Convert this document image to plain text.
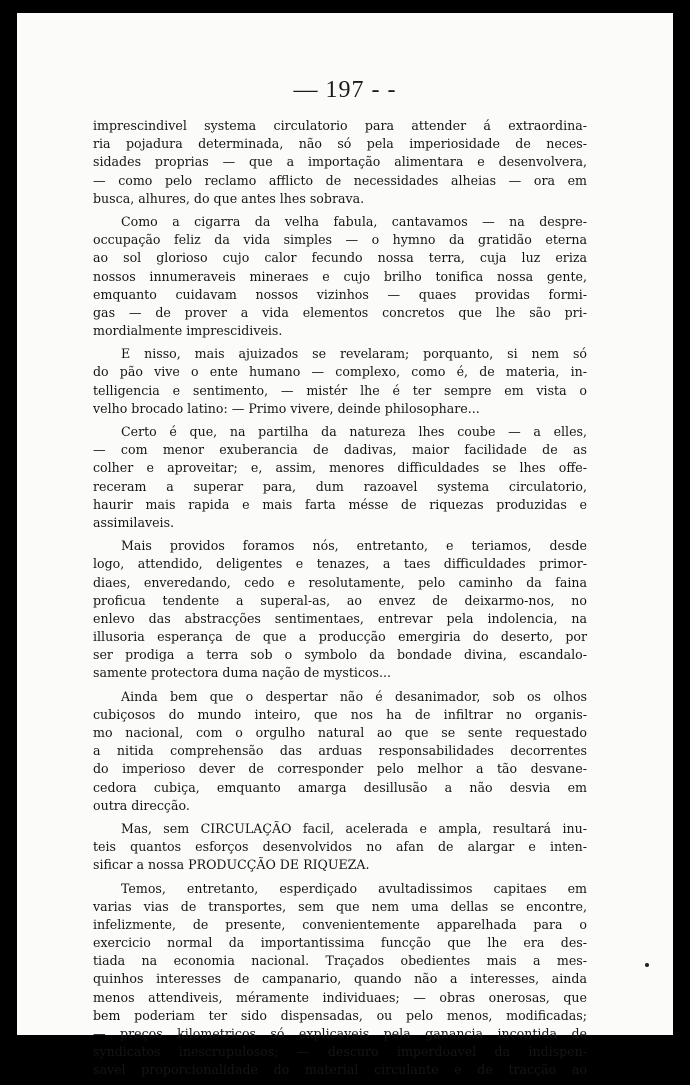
— 197 - -
imprescindivel systema circulatorio para attender á extraordina-
ria pojadura determinada, não só pela imperiosidade de neces-
sidades proprias — que a importação alimentara e desenvolvera,
— como pelo reclamo afflicto de necessidades alheias — ora em
busca, alhures, do que antes lhes sobrava.
Como a cigarra da velha fabula, cantavamos — na despre-
occupação feliz da vida simples — o hymno da gratidão eterna
ao sol glorioso cujo calor fecundo nossa terra, cuja luz eriza
nossos innumeraveis mineraes e cujo brilho tonifica nossa gente,
emquanto cuidavam nossos vizinhos — quaes providas formi-
gas — de prover a vida elementos concretos que lhe são pri-
mordialmente imprescidiveis.
E nisso, mais ajuizados se revelaram; porquanto, si nem só
do pão vive o ente humano — complexo, como é, de materia, in-
telligencia e sentimento, — mistér lhe é ter sempre em vista o
velho brocado latino: — Primo vivere, deinde philosophare...
Certo é que, na partilha da natureza lhes coube — a elles,
— com menor exuberancia de dadivas, maior facilidade de as
colher e aproveitar; e, assim, menores difficuldades se lhes offe-
receram a superar para, dum razoavel systema circulatorio,
haurir mais rapida e mais farta mésse de riquezas produzidas e
assimilaveis.
Mais providos foramos nós, entretanto, e teriamos, desde
logo, attendido, deligentes e tenazes, a taes difficuldades primor-
diaes, enveredando, cedo e resolutamente, pelo caminho da faina
proficua tendente a superal-as, ao envez de deixarmo-nos, no
enlevo das abstracções sentimentaes, entrevar pela indolencia, na
illusoria esperança de que a producção emergiria do deserto, por
ser prodiga a terra sob o symbolo da bondade divina, escandalo-
samente protectora duma nação de mysticos...
Ainda bem que o despertar não é desanimador, sob os olhos
cubiçosos do mundo inteiro, que nos ha de infiltrar no organis-
mo nacional, com o orgulho natural ao que se sente requestado
a nitida comprehensão das arduas responsabilidades decorrentes
do imperioso dever de corresponder pelo melhor a tão desvane-
cedora cubiça, emquanto amarga desillusão a não desvia em
outra direcção.
Mas, sem CIRCULAÇÃO facil, acelerada e ampla, resultará inu-
teis quantos esforços desenvolvidos no afan de alargar e inten-
sificar a nossa PRODUCÇÃO DE RIQUEZA.
Temos, entretanto, esperdiçado avultadissimos capitaes em
varias vias de transportes, sem que nem uma dellas se encontre,
infelizmente, de presente, convenientemente apparelhada para o
exercicio normal da importantissima funcção que lhe era des-
tiada na economia nacional. Traçados obedientes mais a mes-
quinhos interesses de campanario, quando não a interesses, ainda
menos attendiveis, méramente individuaes; — obras onerosas, que
bem poderiam ter sido dispensadas, ou pelo menos, modificadas;
— preços kilometricos só explicaveis pela ganancia incontida de
syndicatos inescrupulosos; — descuro imperdoavel da indispen-
savel proporcionalidade do material circulante e de tracção ao
